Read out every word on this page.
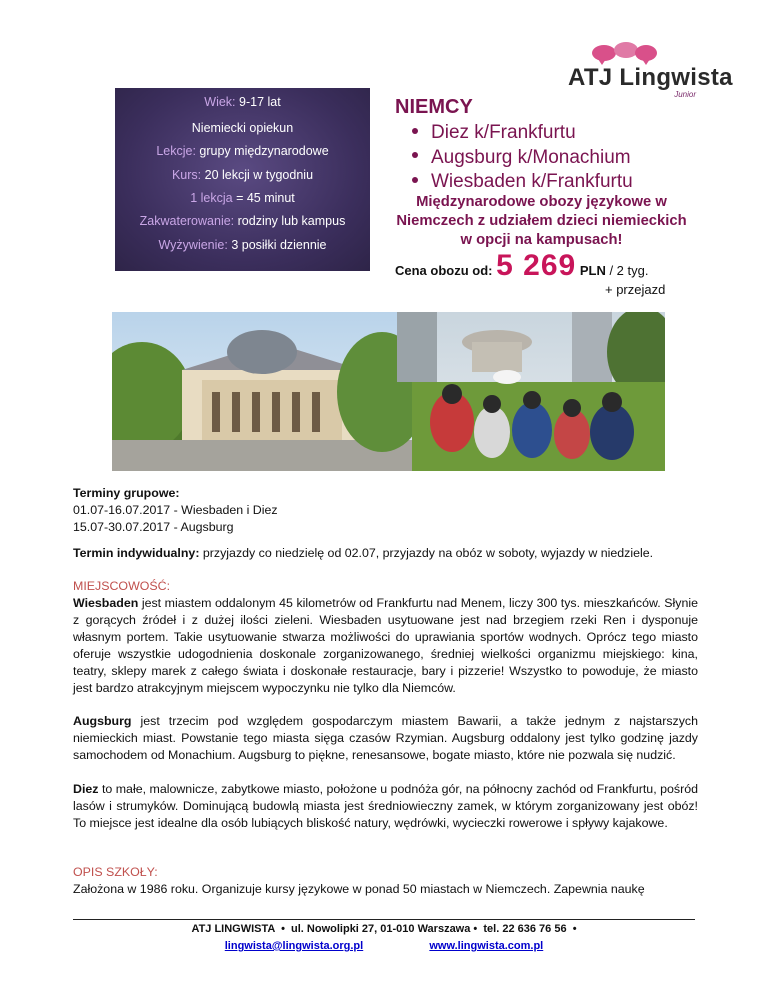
Wiek: 9-17 lat
Niemiecki opiekun
Lekcje: grupy międzynarodowe
Kurs: 20 lekcji w tygodniu
1 lekcja = 45 minut
Zakwaterowanie: rodziny lub kampus
Wyżywienie: 3 posiłki dziennie
ATJ Lingwista
Junior
NIEMCY
Diez k/Frankfurtu
Augsburg k/Monachium
Wiesbaden k/Frankfurtu
Międzynarodowe obozy językowe w Niemczech z udziałem dzieci niemieckich w opcji na kampusach!
Cena obozu od: 5 269 PLN / 2 tyg.
+ przejazd

Terminy grupowe:

01.07-16.07.2017 - Wiesbaden i Diez

15.07-30.07.2017 - Augsburg

Termin indywidualny: przyjazdy co niedzielę od 02.07, przyjazdy na obóz w soboty, wyjazdy w niedziele.

MIEJSCOWOŚĆ:

Wiesbaden jest miastem oddalonym 45 kilometrów od Frankfurtu nad Menem, liczy 300 tys. mieszkańców. Słynie z gorących źródeł i z dużej ilości zieleni. Wiesbaden usytuowane jest nad brzegiem rzeki Ren i dysponuje własnym portem. Takie usytuowanie stwarza możliwości do uprawiania sportów wodnych. Oprócz tego miasto oferuje wszystkie udogodnienia doskonale zorganizowanego, średniej wielkości organizmu miejskiego: kina, teatry, sklepy marek z całego świata i doskonałe restauracje, bary i pizzerie! Wszystko to powoduje, że miasto jest bardzo atrakcyjnym miejscem wypoczynku nie tylko dla Niemców.

Augsburg jest trzecim pod względem gospodarczym miastem Bawarii, a także jednym z najstarszych niemieckich miast. Powstanie tego miasta sięga czasów Rzymian. Augsburg oddalony jest tylko godzinę jazdy samochodem od Monachium. Augsburg to piękne, renesansowe, bogate miasto, które nie pozwala się nudzić.

Diez to małe, malownicze, zabytkowe miasto, położone u podnóża gór, na północny zachód od Frankfurtu, pośród lasów i strumyków. Dominującą budowlą miasta jest średniowieczny zamek, w którym zorganizowany jest obóz! To miejsce jest idealne dla osób lubiących bliskość natury, wędrówki, wycieczki rowerowe i spływy kajakowe.

OPIS SZKOŁY:

Założona w 1986 roku. Organizuje kursy językowe w ponad 50 miastach w Niemczech. Zapewnia naukę

ATJ LINGWISTA  •  ul. Nowolipki 27, 01-010 Warszawa •  tel. 22 636 76 56  •
lingwista@lingwista.org.pl	www.lingwista.com.pl
